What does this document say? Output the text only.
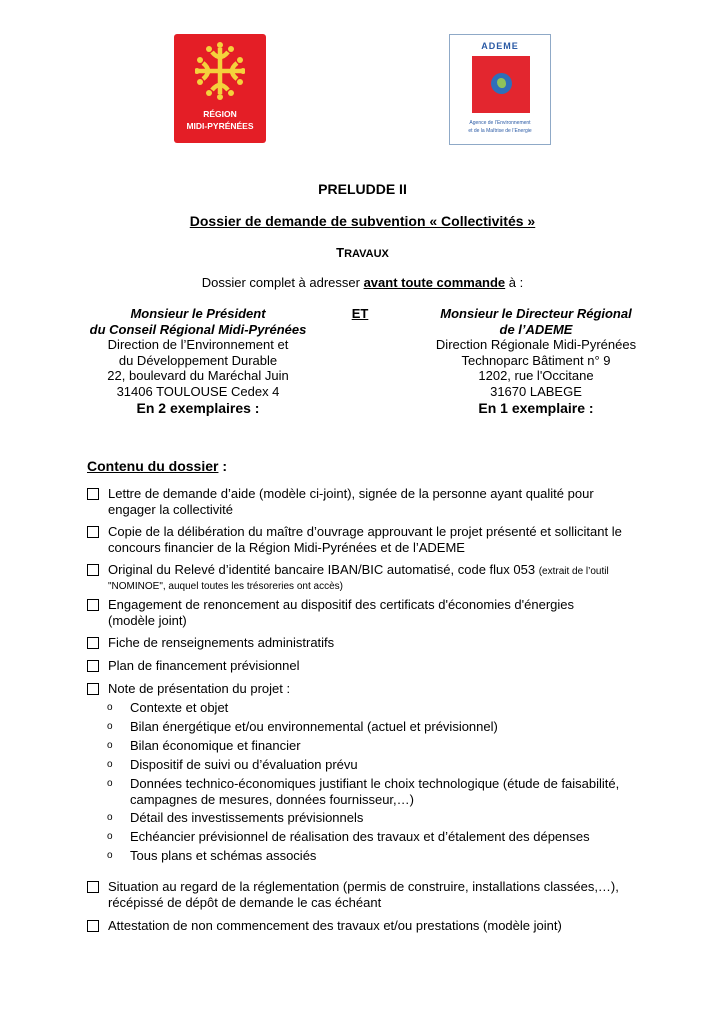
RÉGION
MIDI-PYRÉNÉES
ADEME
Agence de l’Environnement
et de la Maîtrise de l’Energie
PRELUDDE II
Dossier de demande de subvention « Collectivités »
TRAVAUX
Dossier complet à adresser avant toute commande à :
Monsieur le Président
du Conseil Régional Midi-Pyrénées
Direction de l’Environnement et
du Développement Durable
22, boulevard du Maréchal Juin
31406 TOULOUSE Cedex 4
En 2 exemplaires :
ET	Monsieur le Directeur Régional
de l’ADEME
Direction Régionale Midi-Pyrénées
Technoparc Bâtiment n° 9
1202, rue l'Occitane
31670 LABEGE
En 1 exemplaire :
Contenu du dossier :
Lettre de demande d’aide (modèle ci-joint), signée de la personne ayant qualité pour
engager la collectivité
Copie de la délibération du maître d’ouvrage approuvant le projet présenté et sollicitant le
concours financier de la Région Midi-Pyrénées et de l’ADEME
Original du Relevé d’identité bancaire IBAN/BIC automatisé, code flux 053 (extrait de l’outil
"NOMINOE", auquel toutes les trésoreries ont accès)
Engagement de renoncement au dispositif des certificats d'économies d'énergies
(modèle joint)
Fiche de renseignements administratifs
Plan de financement prévisionnel
Note de présentation du projet :
o Contexte et objet
o Bilan énergétique et/ou environnemental (actuel et prévisionnel)
o Bilan économique et financier
o Dispositif de suivi ou d’évaluation prévu
o Données technico-économiques justifiant le choix technologique (étude de faisabilité,
campagnes de mesures, données fournisseur,…)
o Détail des investissements prévisionnels
o Echéancier prévisionnel de réalisation des travaux et d’étalement des dépenses
o Tous plans et schémas associés
Situation au regard de la réglementation (permis de construire, installations classées,…),
récépissé de dépôt de demande le cas échéant
Attestation de non commencement des travaux et/ou prestations (modèle joint)
